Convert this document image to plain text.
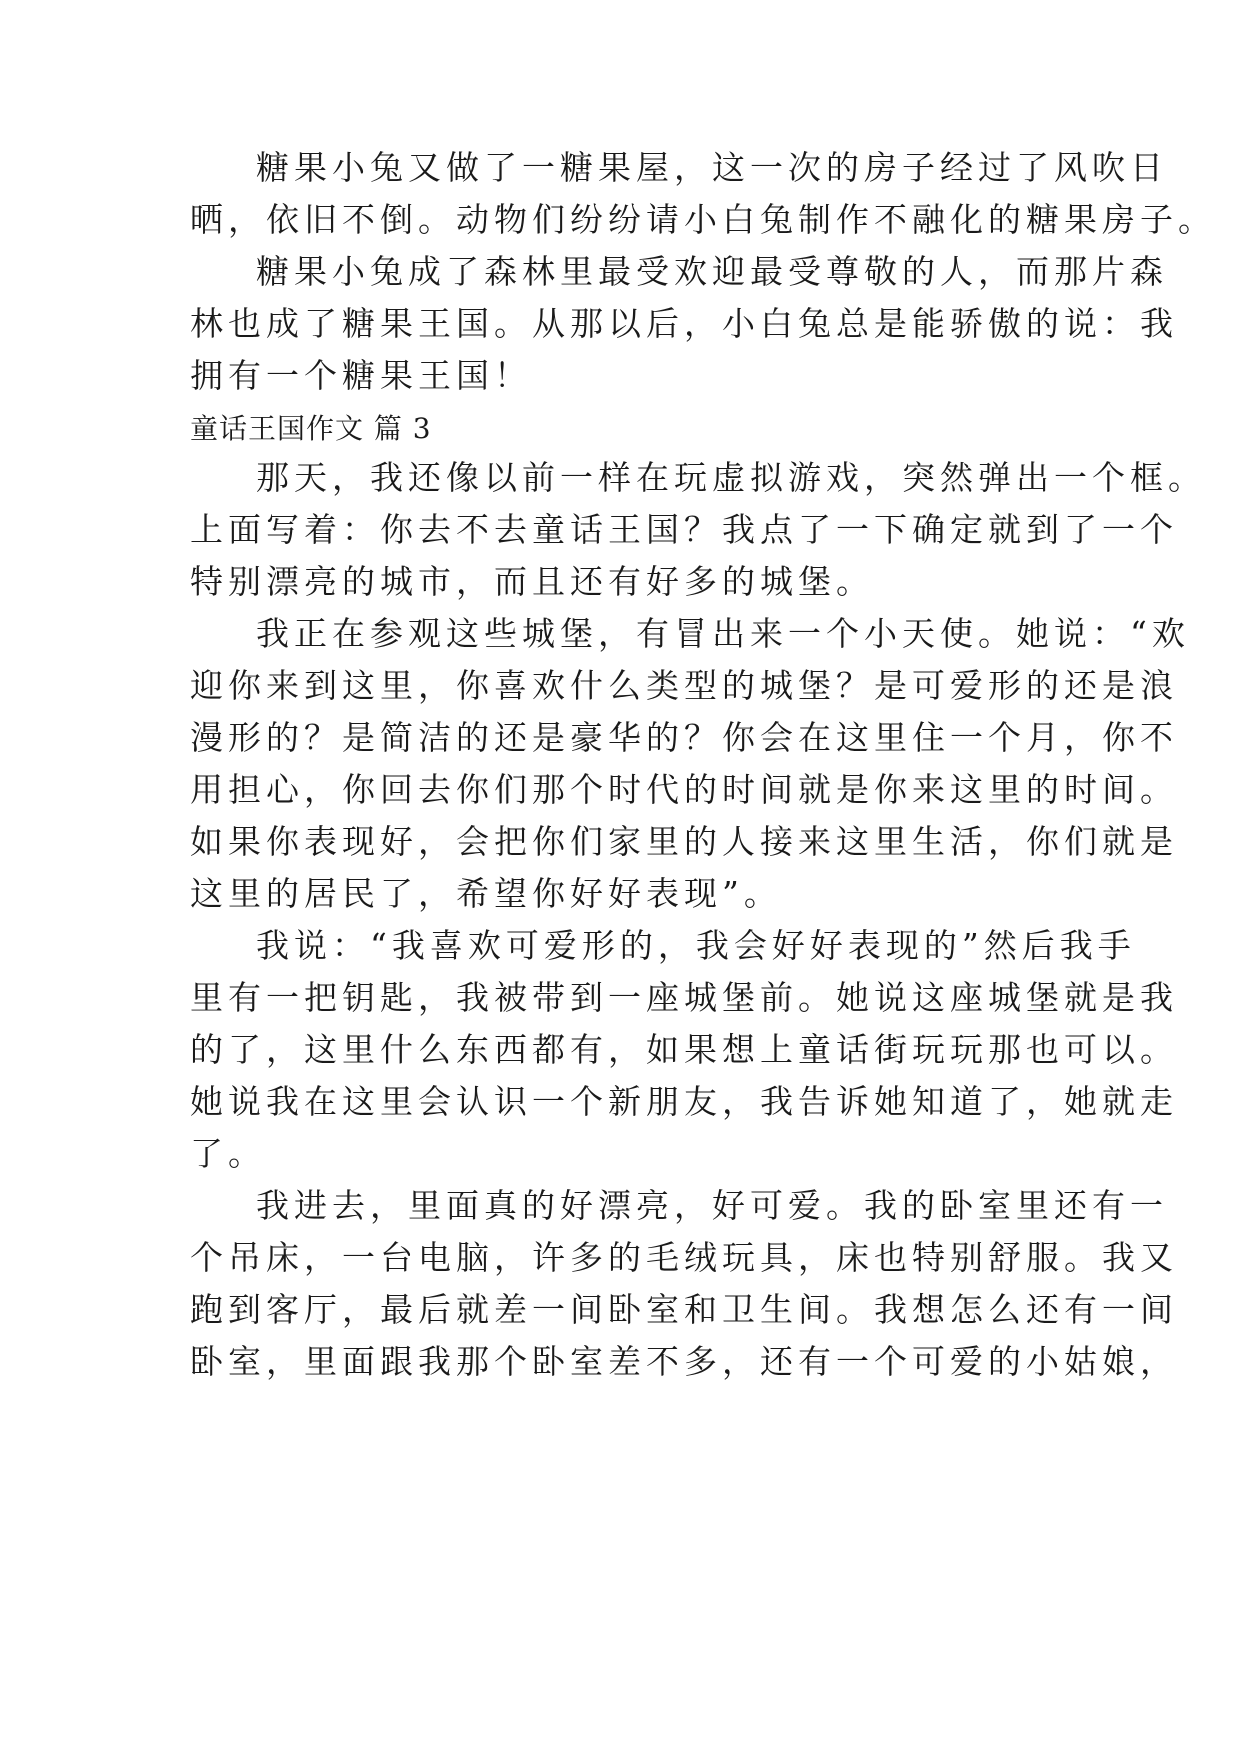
糖果小兔又做了一糖果屋，这一次的房子经过了风吹日
晒，依旧不倒。动物们纷纷请小白兔制作不融化的糖果房子。
糖果小兔成了森林里最受欢迎最受尊敬的人，而那片森
林也成了糖果王国。从那以后，小白兔总是能骄傲的说：我
拥有一个糖果王国！
童话王国作文 篇 3
那天，我还像以前一样在玩虚拟游戏，突然弹出一个框。
上面写着：你去不去童话王国？我点了一下确定就到了一个
特别漂亮的城市，而且还有好多的城堡。
我正在参观这些城堡，有冒出来一个小天使。她说：“欢
迎你来到这里，你喜欢什么类型的城堡？是可爱形的还是浪
漫形的？是简洁的还是豪华的？你会在这里住一个月，你不
用担心，你回去你们那个时代的时间就是你来这里的时间。
如果你表现好，会把你们家里的人接来这里生活，你们就是
这里的居民了，希望你好好表现”。
我说：“我喜欢可爱形的，我会好好表现的”然后我手
里有一把钥匙，我被带到一座城堡前。她说这座城堡就是我
的了，这里什么东西都有，如果想上童话街玩玩那也可以。
她说我在这里会认识一个新朋友，我告诉她知道了，她就走
了。
我进去，里面真的好漂亮，好可爱。我的卧室里还有一
个吊床，一台电脑，许多的毛绒玩具，床也特别舒服。我又
跑到客厅，最后就差一间卧室和卫生间。我想怎么还有一间
卧室，里面跟我那个卧室差不多，还有一个可爱的小姑娘，
